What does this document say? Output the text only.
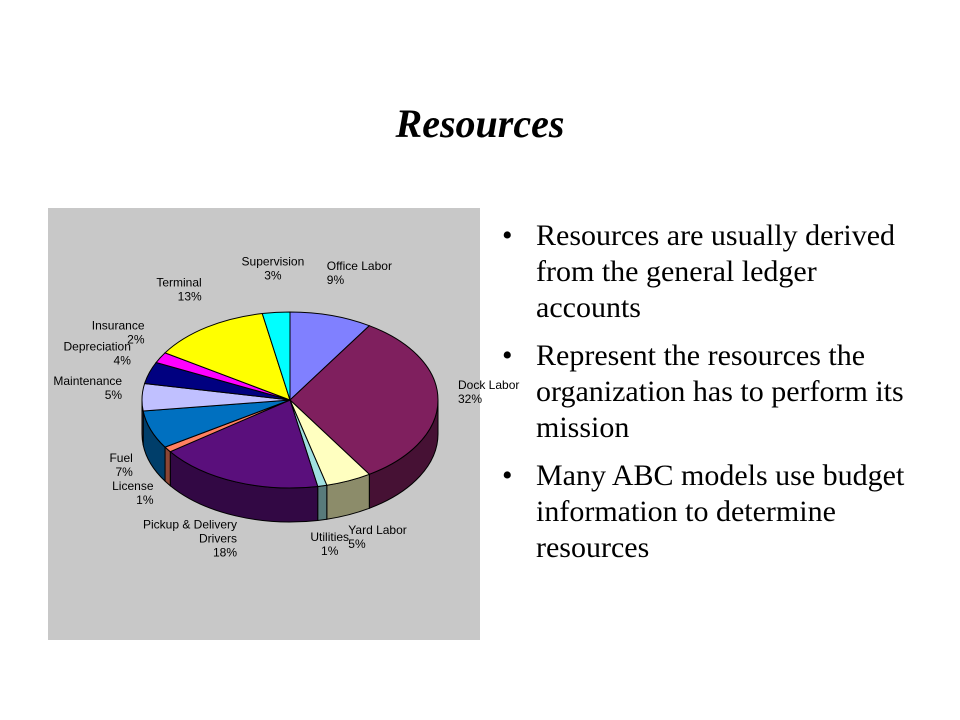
Resources
Office Labor 9%
Dock Labor 32%
Yard Labor 5%
Utilities 1%
Pickup & Delivery Drivers 18%
License 1%
Fuel 7%
Maintenance 5%
Depreciation 4%
Insurance 2%
Terminal 13%
Supervision 3%
• Resources are usually derived from the general ledger accounts
• Represent the resources the organization has to perform its mission
• Many ABC models use budget information to determine resources
